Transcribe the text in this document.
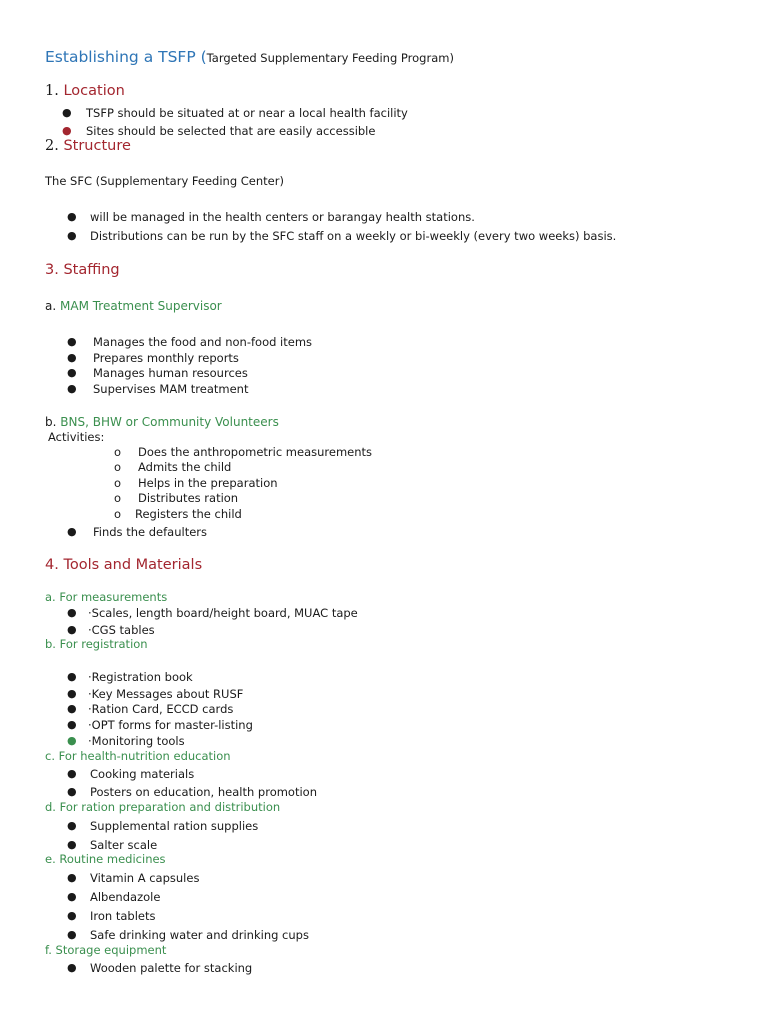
Establishing a TSFP (Targeted Supplementary Feeding Program)
1. Location
● TSFP should be situated at or near a local health facility
● Sites should be selected that are easily accessible
2. Structure
The SFC (Supplementary Feeding Center)
● will be managed in the health centers or barangay health stations.
● Distributions can be run by the SFC staff on a weekly or bi-weekly (every two weeks) basis.
3. Staffing
a. MAM Treatment Supervisor
● Manages the food and non-food items
● Prepares monthly reports
● Manages human resources
● Supervises MAM treatment
b. BNS, BHW or Community Volunteers
Activities:
o Does the anthropometric measurements
o Admits the child
o Helps in the preparation
o Distributes ration
o Registers the child
● Finds the defaulters
4. Tools and Materials
a. For measurements
● ·Scales, length board/height board, MUAC tape
● ·CGS tables
b. For registration
● ·Registration book
● ·Key Messages about RUSF
● ·Ration Card, ECCD cards
● ·OPT forms for master-listing
● ·Monitoring tools
c. For health-nutrition education
● Cooking materials
● Posters on education, health promotion
d. For ration preparation and distribution
● Supplemental ration supplies
● Salter scale
e. Routine medicines
● Vitamin A capsules
● Albendazole
● Iron tablets
● Safe drinking water and drinking cups
f. Storage equipment
● Wooden palette for stacking
